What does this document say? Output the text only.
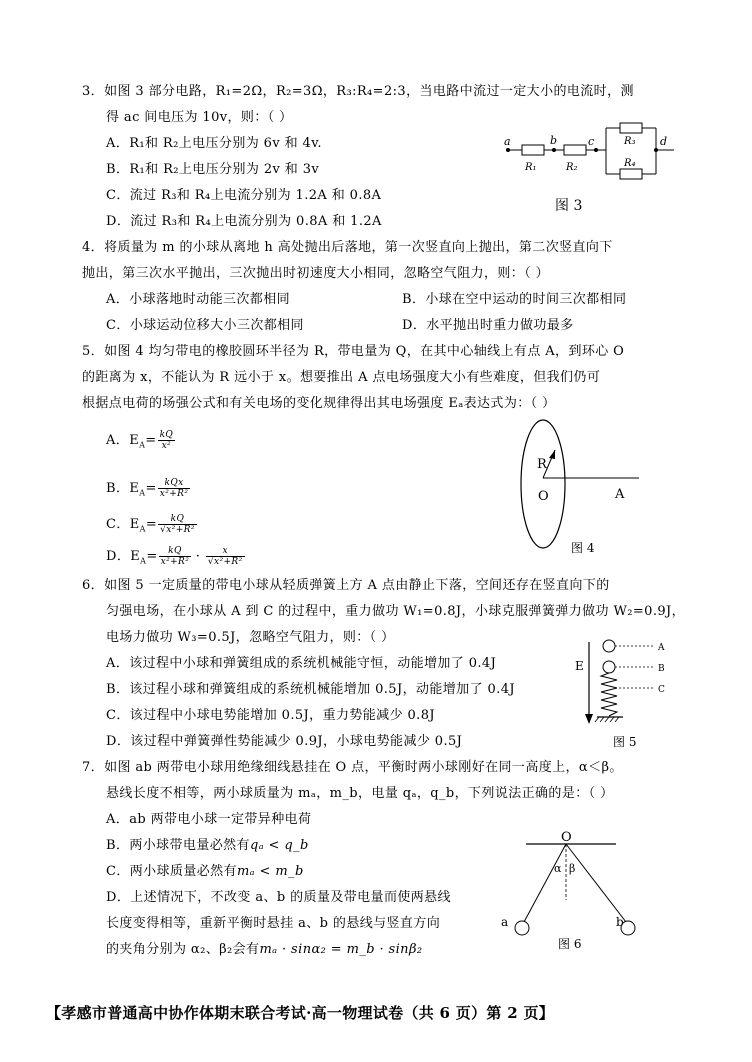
3．如图 3 部分电路，R₁=2Ω，R₂=3Ω，R₃:R₄=2:3，当电路中流过一定大小的电流时，测
得 ac 间电压为 10v，则：（ ）
A．R₁和 R₂上电压分别为 6v 和 4v.
B．R₁和 R₂上电压分别为 2v 和 3v
C．流过 R₃和 R₄上电流分别为 1.2A 和 0.8A
D．流过 R₃和 R₄上电流分别为 0.8A 和 1.2A
a	b	c	d
R₁	R₂
R₃
R₄
图 3
4．将质量为 m 的小球从离地 h 高处抛出后落地，第一次竖直向上抛出，第二次竖直向下
抛出，第三次水平抛出，三次抛出时初速度大小相同，忽略空气阻力，则：（ ）
A．小球落地时动能三次都相同	B．小球在空中运动的时间三次都相同
C．小球运动位移大小三次都相同	D．水平抛出时重力做功最多
5．如图 4 均匀带电的橡胶圆环半径为 R，带电量为 Q，在其中心轴线上有点 A，到环心 O
的距离为 x，不能认为 R 远小于 x。想要推出 A 点电场强度大小有些难度，但我们仍可
根据点电荷的场强公式和有关电场的变化规律得出其电场强度 Eₐ表达式为：（ ）
A．$E_A= \frac{kQ}{\text{x²}}$
B．$E_A= \frac{\text{kQx}}{\text{x²+R²}}$
C．$E_A= \frac{kQ}{\text{√x²+R²}}$
D．$E_A= \frac{kQ}{\text{x²+R²}} \cdot \frac{x}{\text{√x²+R²}}$
R
O	A
图 4
6．如图 5 一定质量的带电小球从轻质弹簧上方 A 点由静止下落，空间还存在竖直向下的
匀强电场，在小球从 A 到 C 的过程中，重力做功 W₁=0.8J，小球克服弹簧弹力做功 W₂=0.9J，
电场力做功 W₃=0.5J，忽略空气阻力，则：（ ）
A．该过程中小球和弹簧组成的系统机械能守恒，动能增加了 0.4J
B．该过程小球和弹簧组成的系统机械能增加 0.5J，动能增加了 0.4J
C．该过程中小球电势能增加 0.5J，重力势能减少 0.8J
D．该过程中弹簧弹性势能减少 0.9J，小球电势能减少 0.5J
E
A
B
C
图 5
7．如图 ab 两带电小球用绝缘细线悬挂在 O 点，平衡时两小球刚好在同一高度上，α＜β。
悬线长度不相等，两小球质量为 mₐ，m_b，电量 qₐ，q_b，下列说法正确的是：（ ）
A．ab 两带电小球一定带异种电荷
B．两小球带电量必然有qₐ < q_b
C．两小球质量必然有mₐ < m_b
D．上述情况下，不改变 a、b 的质量及带电量而使两悬线
长度变得相等，重新平衡时悬挂 a、b 的悬线与竖直方向
的夹角分别为 α₂、β₂会有mₐ · sinα₂ = m_b · sinβ₂
O
α β
a	b
图 6
【孝感市普通高中协作体期末联合考试·高一物理试卷（共 6 页）第 2 页】
